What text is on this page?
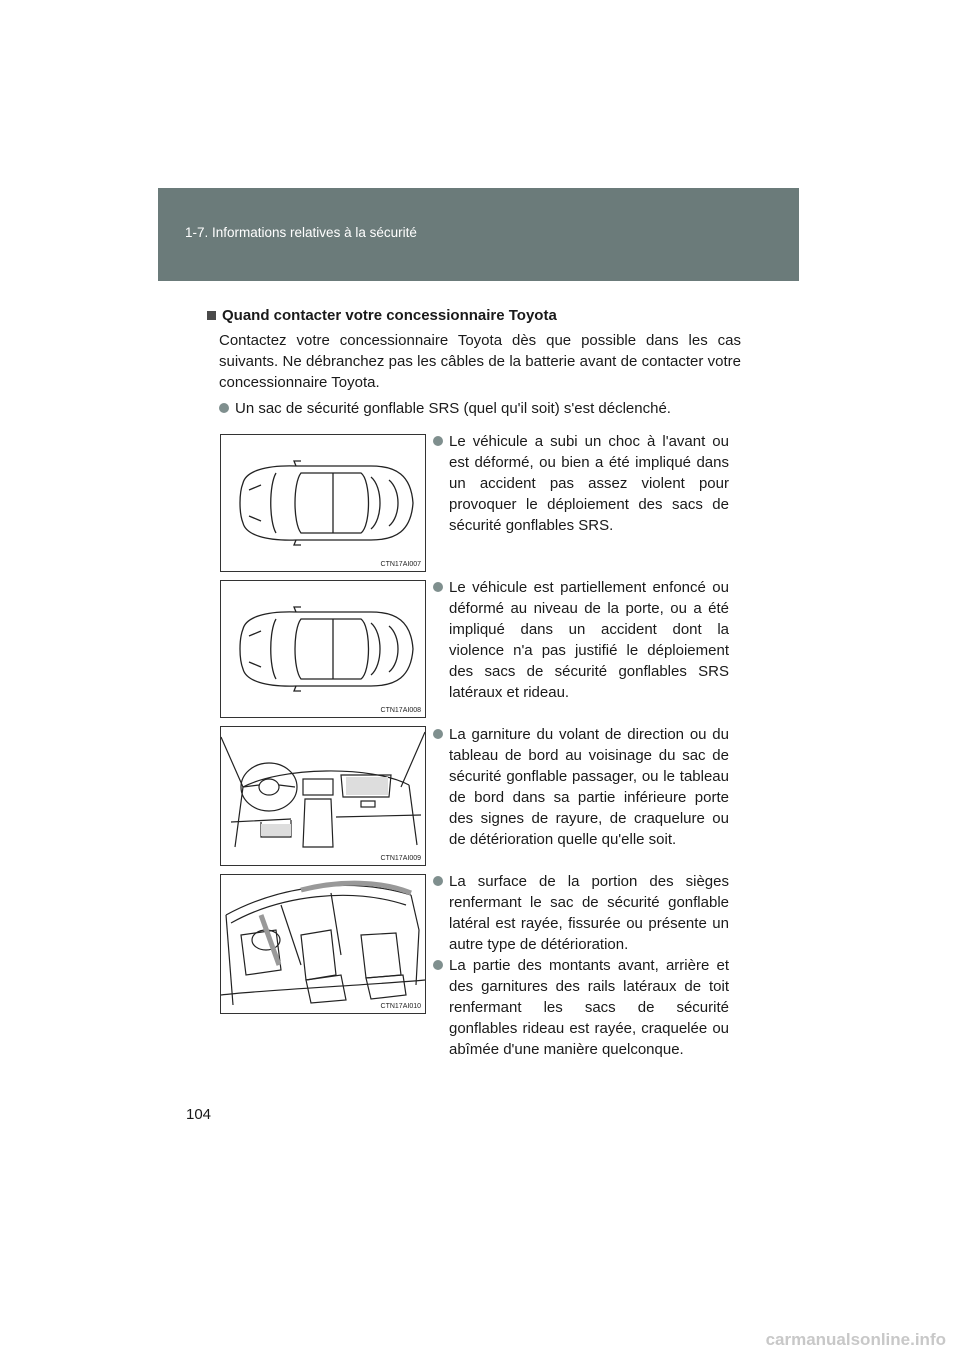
1-7. Informations relatives à la sécurité
Quand contacter votre concessionnaire Toyota
Contactez votre concessionnaire Toyota dès que possible dans les cas suivants. Ne débranchez pas les câbles de la batterie avant de contacter votre concessionnaire Toyota.
Un sac de sécurité gonflable SRS (quel qu'il soit) s'est déclenché.
CTN17AI007
Le véhicule a subi un choc à l'avant ou est déformé, ou bien a été impliqué dans un accident pas assez violent pour provoquer le déploiement des sacs de sécurité gonflables SRS.
CTN17AI008
Le véhicule est partiellement enfoncé ou déformé au niveau de la porte, ou a été impliqué dans un accident dont la violence n'a pas justifié le déploiement des sacs de sécurité gonflables SRS latéraux et rideau.
CTN17AI009
La garniture du volant de direction ou du tableau de bord au voisinage du sac de sécurité gonflable passager, ou le tableau de bord dans sa partie inférieure porte des signes de rayure, de craquelure ou de détérioration quelle qu'elle soit.
CTN17AI010
La surface de la portion des sièges renfermant le sac de sécurité gonflable latéral est rayée, fissurée ou présente un autre type de détérioration.
La partie des montants avant, arrière et des garnitures des rails latéraux de toit renfermant les sacs de sécurité gonflables rideau est rayée, craquelée ou abîmée d'une manière quelconque.
104
carmanualsonline.info
